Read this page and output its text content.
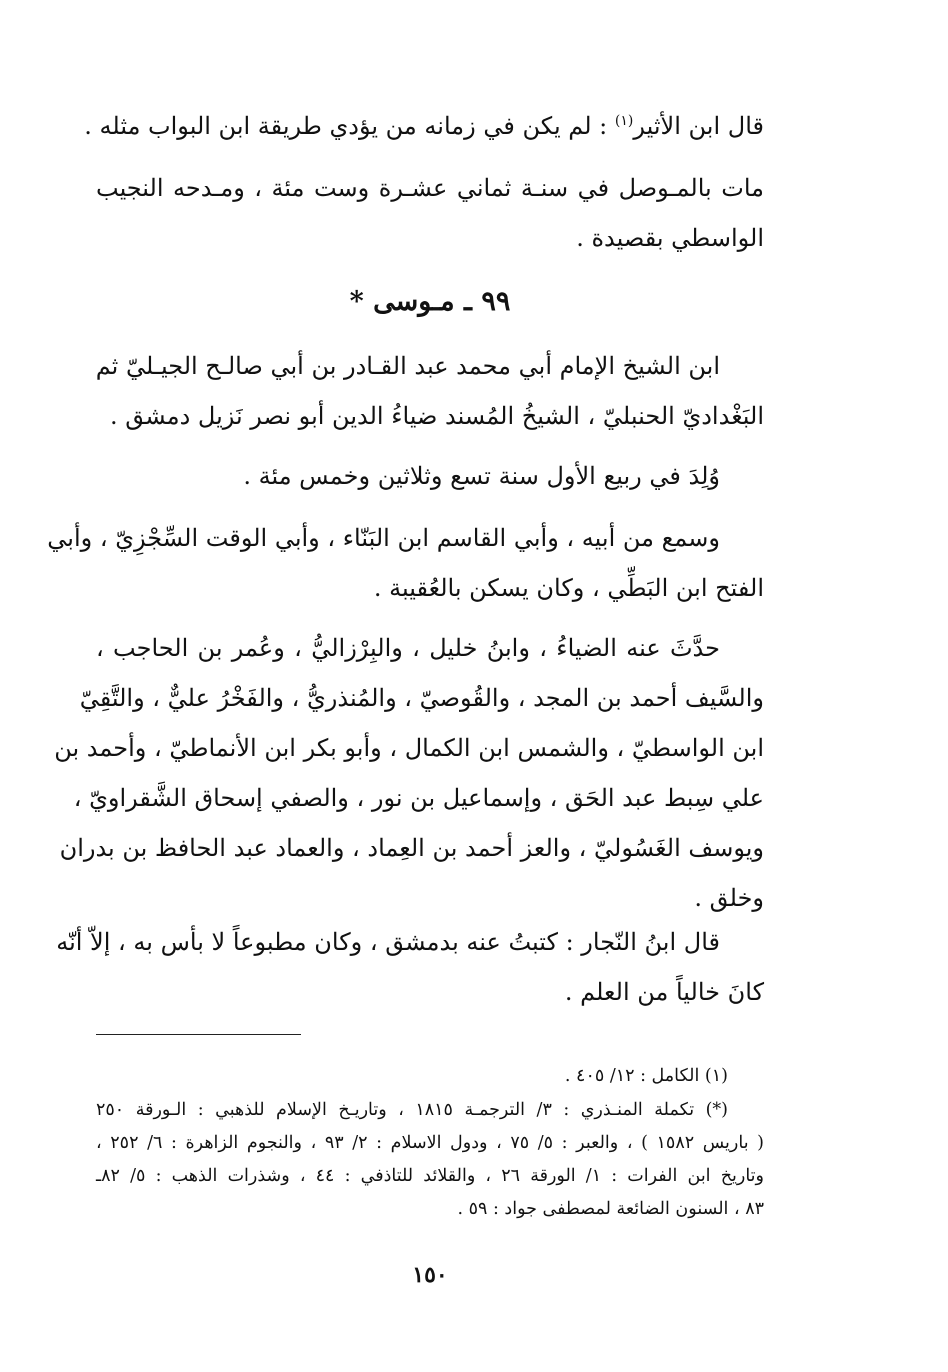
قال ابن الأثير$^{(١)}$ : لم يكن في زمانه من يؤدي طريقة ابن البواب مثله .
مات بالمـوصل في سنـة ثماني عشـرة وست مئة ، ومـدحه النجيب
الواسطي بقصيدة .
٩٩ ـ مـوسى *
ابن الشيخ الإمام أبي محمد عبد القـادر بن أبي صالـح الجيـليّ ثم
البَغْداديّ الحنبليّ ، الشيخُ المُسند ضياءُ الدين أبو نصر نَزيل دمشق .
وُلِدَ في ربيع الأول سنة تسع وثلاثين وخمس مئة .
وسمع من أبيه ، وأبي القاسم ابن البَنّاء ، وأبي الوقت السِّجْزِيّ ، وأبي
الفتح ابن البَطِّي ، وكان يسكن بالعُقيبة .
حدَّثَ عنه الضياءُ ، وابنُ خليل ، والبِرْزاليُّ ، وعُمر بن الحاجب ،
والسَّيف أحمد بن المجد ، والقُوصيّ ، والمُنذريُّ ، والفَخْرُ عليٌّ ، والتَّقِيّ
ابن الواسطيّ ، والشمس ابن الكمال ، وأبو بكر ابن الأنماطيّ ، وأحمد بن
علي سِبط عبد الحَق ، وإسماعيل بن نور ، والصفي إسحاق الشَّقراويّ ،
ويوسف الغَسُوليّ ، والعز أحمد بن العِماد ، والعماد عبد الحافظ بن بدران
وخلق .
قال ابنُ النّجار : كتبتُ عنه بدمشق ، وكان مطبوعاً لا بأس به ، إلاّ أنّه
كانَ خالياً من العلم .
(١) الكامل : ١٢/ ٤٠٥ .
(*) تكملة المنـذري : ٣/ الترجمـة ١٨١٥ ، وتاريـخ الإسلام للذهبي : الـورقة ٢٥٠
( باريس ١٥٨٢ ) ، والعبر : ٥/ ٧٥ ، ودول الاسلام : ٢/ ٩٣ ، والنجوم الزاهرة : ٦/ ٢٥٢ ،
وتاريخ ابن الفرات : ١/ الورقة ٢٦ ، والقلائد للتاذفي : ٤٤ ، وشذرات الذهب : ٥/ ٨٢ـ
٨٣ ، السنون الضائعة لمصطفى جواد : ٥٩ .
١٥٠
